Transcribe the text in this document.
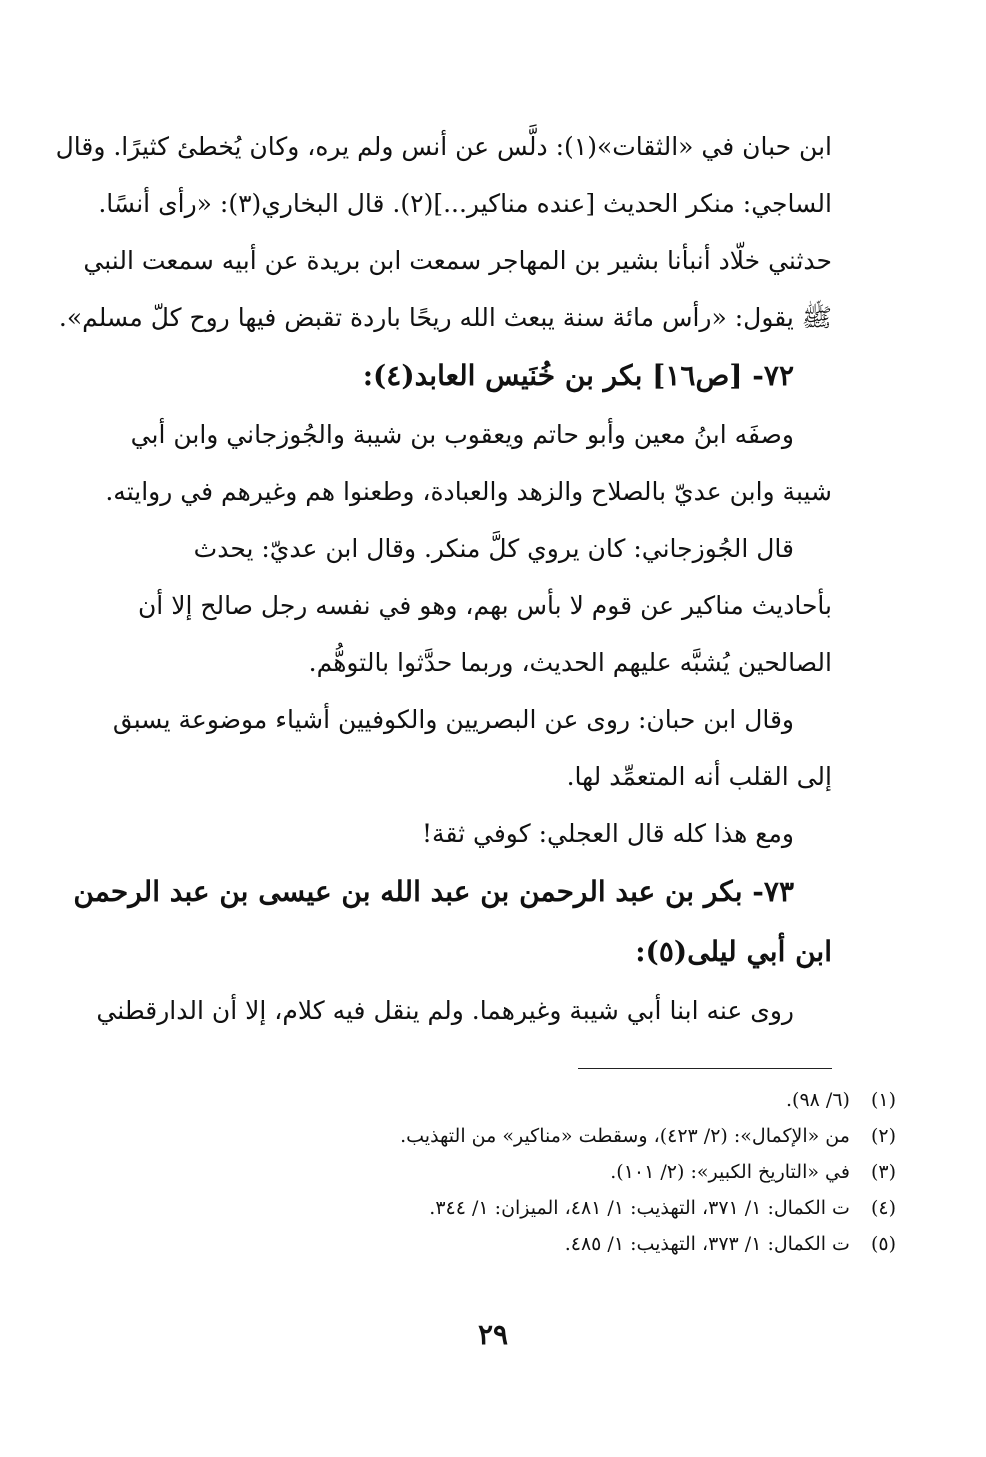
ابن حبان في «الثقات»(١): دلَّس عن أنس ولم يره، وكان يُخطئ كثيرًا. وقال
الساجي: منكر الحديث [عنده مناكير...](٢). قال البخاري(٣): «رأى أنسًا.
حدثني خلّاد أنبأنا بشير بن المهاجر سمعت ابن بريدة عن أبيه سمعت النبي
ﷺ يقول: «رأس مائة سنة يبعث الله ريحًا باردة تقبض فيها روح كلّ مسلم».
٧٢- [ص١٦] بكر بن خُنَيس العابد(٤):
وصفَه ابنُ معين وأبو حاتم ويعقوب بن شيبة والجُوزجاني وابن أبي
شيبة وابن عديّ بالصلاح والزهد والعبادة، وطعنوا هم وغيرهم في روايته.
قال الجُوزجاني: كان يروي كلَّ منكر. وقال ابن عديّ: يحدث
بأحاديث مناكير عن قوم لا بأس بهم، وهو في نفسه رجل صالح إلا أن
الصالحين يُشبَّه عليهم الحديث، وربما حدَّثوا بالتوهُّم.
وقال ابن حبان: روى عن البصريين والكوفيين أشياء موضوعة يسبق
إلى القلب أنه المتعمِّد لها.
ومع هذا كله قال العجلي: كوفي ثقة!
٧٣- بكر بن عبد الرحمن بن عبد الله بن عيسى بن عبد الرحمن
ابن أبي ليلى(٥):
روى عنه ابنا أبي شيبة وغيرهما. ولم ينقل فيه كلام، إلا أن الدارقطني
(١) (٦/ ٩٨).
(٢) من «الإكمال»: (٢/ ٤٢٣)، وسقطت «مناكير» من التهذيب.
(٣) في «التاريخ الكبير»: (٢/ ١٠١).
(٤) ت الكمال: ١/ ٣٧١، التهذيب: ١/ ٤٨١، الميزان: ١/ ٣٤٤.
(٥) ت الكمال: ١/ ٣٧٣، التهذيب: ١/ ٤٨٥.
٢٩
